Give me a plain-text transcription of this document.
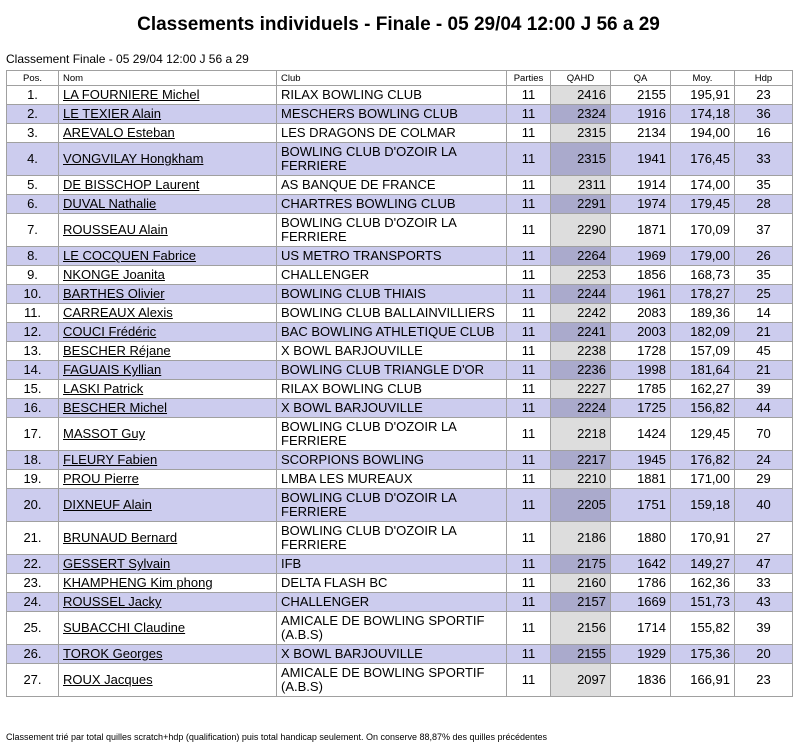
Classements individuels - Finale - 05 29/04 12:00 J 56 a 29
Classement Finale - 05 29/04 12:00 J 56 a 29
Pos.	Nom	Club	Parties	QAHD	QA	Moy.	Hdp
1.	LA FOURNIERE Michel	RILAX BOWLING CLUB	11	2416	2155	195,91	23
2.	LE TEXIER Alain	MESCHERS BOWLING CLUB	11	2324	1916	174,18	36
3.	AREVALO Esteban	LES DRAGONS DE COLMAR	11	2315	2134	194,00	16
4.	VONGVILAY Hongkham	BOWLING CLUB D'OZOIR LA FERRIERE	11	2315	1941	176,45	33
5.	DE BISSCHOP Laurent	AS BANQUE DE FRANCE	11	2311	1914	174,00	35
6.	DUVAL Nathalie	CHARTRES BOWLING CLUB	11	2291	1974	179,45	28
7.	ROUSSEAU Alain	BOWLING CLUB D'OZOIR LA FERRIERE	11	2290	1871	170,09	37
8.	LE COCQUEN Fabrice	US METRO TRANSPORTS	11	2264	1969	179,00	26
9.	NKONGE Joanita	CHALLENGER	11	2253	1856	168,73	35
10.	BARTHES Olivier	BOWLING CLUB THIAIS	11	2244	1961	178,27	25
11.	CARREAUX Alexis	BOWLING CLUB BALLAINVILLIERS	11	2242	2083	189,36	14
12.	COUCI Frédéric	BAC BOWLING ATHLETIQUE CLUB	11	2241	2003	182,09	21
13.	BESCHER Réjane	X BOWL BARJOUVILLE	11	2238	1728	157,09	45
14.	FAGUAIS Kyllian	BOWLING CLUB TRIANGLE D'OR	11	2236	1998	181,64	21
15.	LASKI Patrick	RILAX BOWLING CLUB	11	2227	1785	162,27	39
16.	BESCHER Michel	X BOWL BARJOUVILLE	11	2224	1725	156,82	44
17.	MASSOT Guy	BOWLING CLUB D'OZOIR LA FERRIERE	11	2218	1424	129,45	70
18.	FLEURY Fabien	SCORPIONS BOWLING	11	2217	1945	176,82	24
19.	PROU Pierre	LMBA LES MUREAUX	11	2210	1881	171,00	29
20.	DIXNEUF Alain	BOWLING CLUB D'OZOIR LA FERRIERE	11	2205	1751	159,18	40
21.	BRUNAUD Bernard	BOWLING CLUB D'OZOIR LA FERRIERE	11	2186	1880	170,91	27
22.	GESSERT Sylvain	IFB	11	2175	1642	149,27	47
23.	KHAMPHENG Kim phong	DELTA FLASH BC	11	2160	1786	162,36	33
24.	ROUSSEL Jacky	CHALLENGER	11	2157	1669	151,73	43
25.	SUBACCHI Claudine	AMICALE DE BOWLING SPORTIF (A.B.S)	11	2156	1714	155,82	39
26.	TOROK Georges	X BOWL BARJOUVILLE	11	2155	1929	175,36	20
27.	ROUX Jacques	AMICALE DE BOWLING SPORTIF (A.B.S)	11	2097	1836	166,91	23
Classement trié par total quilles scratch+hdp (qualification) puis total handicap seulement. On conserve 88,87% des quilles précédentes
